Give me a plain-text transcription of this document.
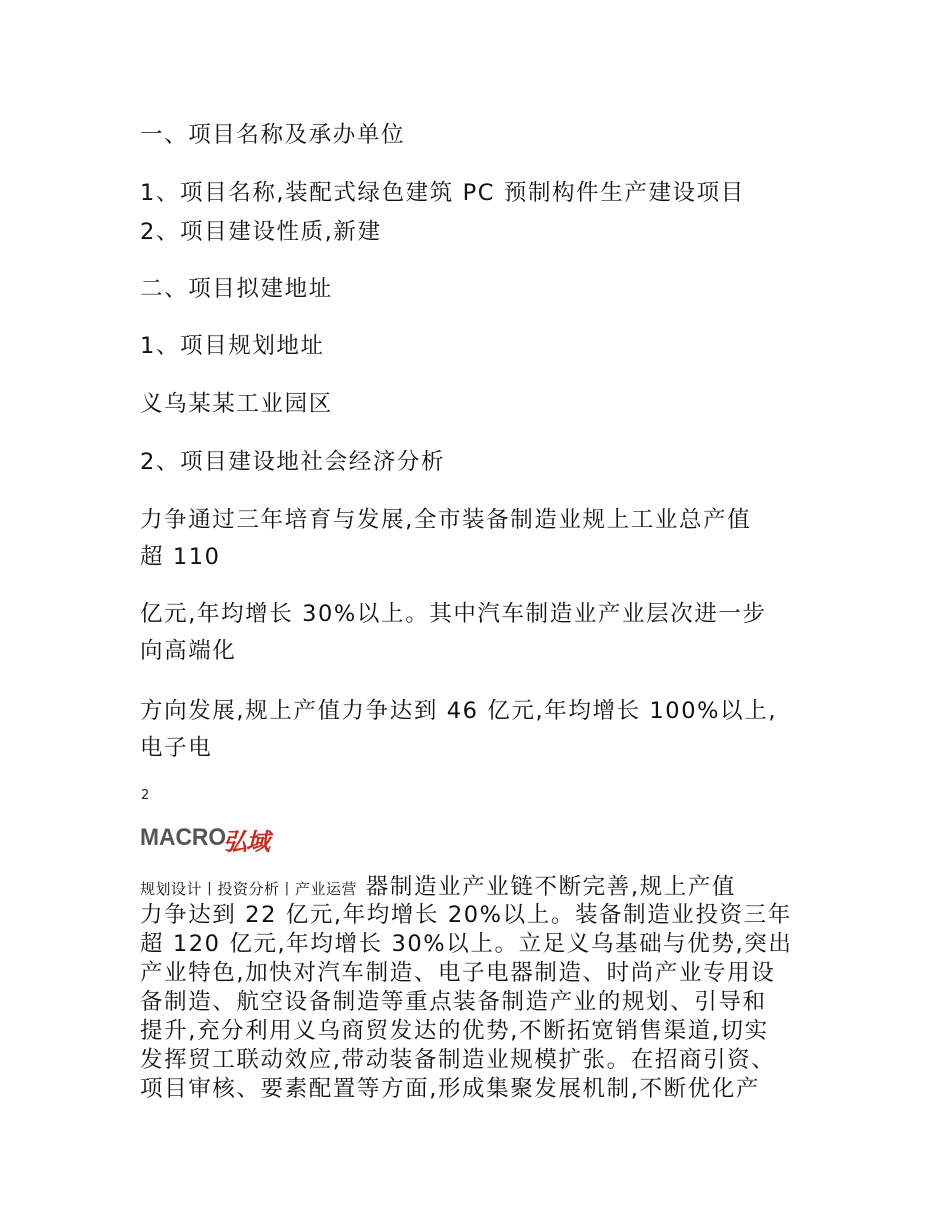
一、项目名称及承办单位
1、项目名称,装配式绿色建筑 PC 预制构件生产建设项目
2、项目建设性质,新建
二、项目拟建地址
1、项目规划地址
义乌某某工业园区
2、项目建设地社会经济分析
力争通过三年培育与发展,全市装备制造业规上工业总产值
超 110
亿元,年均增长 30%以上。其中汽车制造业产业层次进一步
向高端化
方向发展,规上产值力争达到 46 亿元,年均增长 100%以上,
电子电
2
MACRO
弘域
规划设计丨投资分析丨产业运营 器制造业产业链不断完善,规上产值
力争达到 22 亿元,年均增长 20%以上。装备制造业投资三年
超 120 亿元,年均增长 30%以上。立足义乌基础与优势,突出
产业特色,加快对汽车制造、电子电器制造、时尚产业专用设
备制造、航空设备制造等重点装备制造产业的规划、引导和
提升,充分利用义乌商贸发达的优势,不断拓宽销售渠道,切实
发挥贸工联动效应,带动装备制造业规模扩张。在招商引资、
项目审核、要素配置等方面,形成集聚发展机制,不断优化产
